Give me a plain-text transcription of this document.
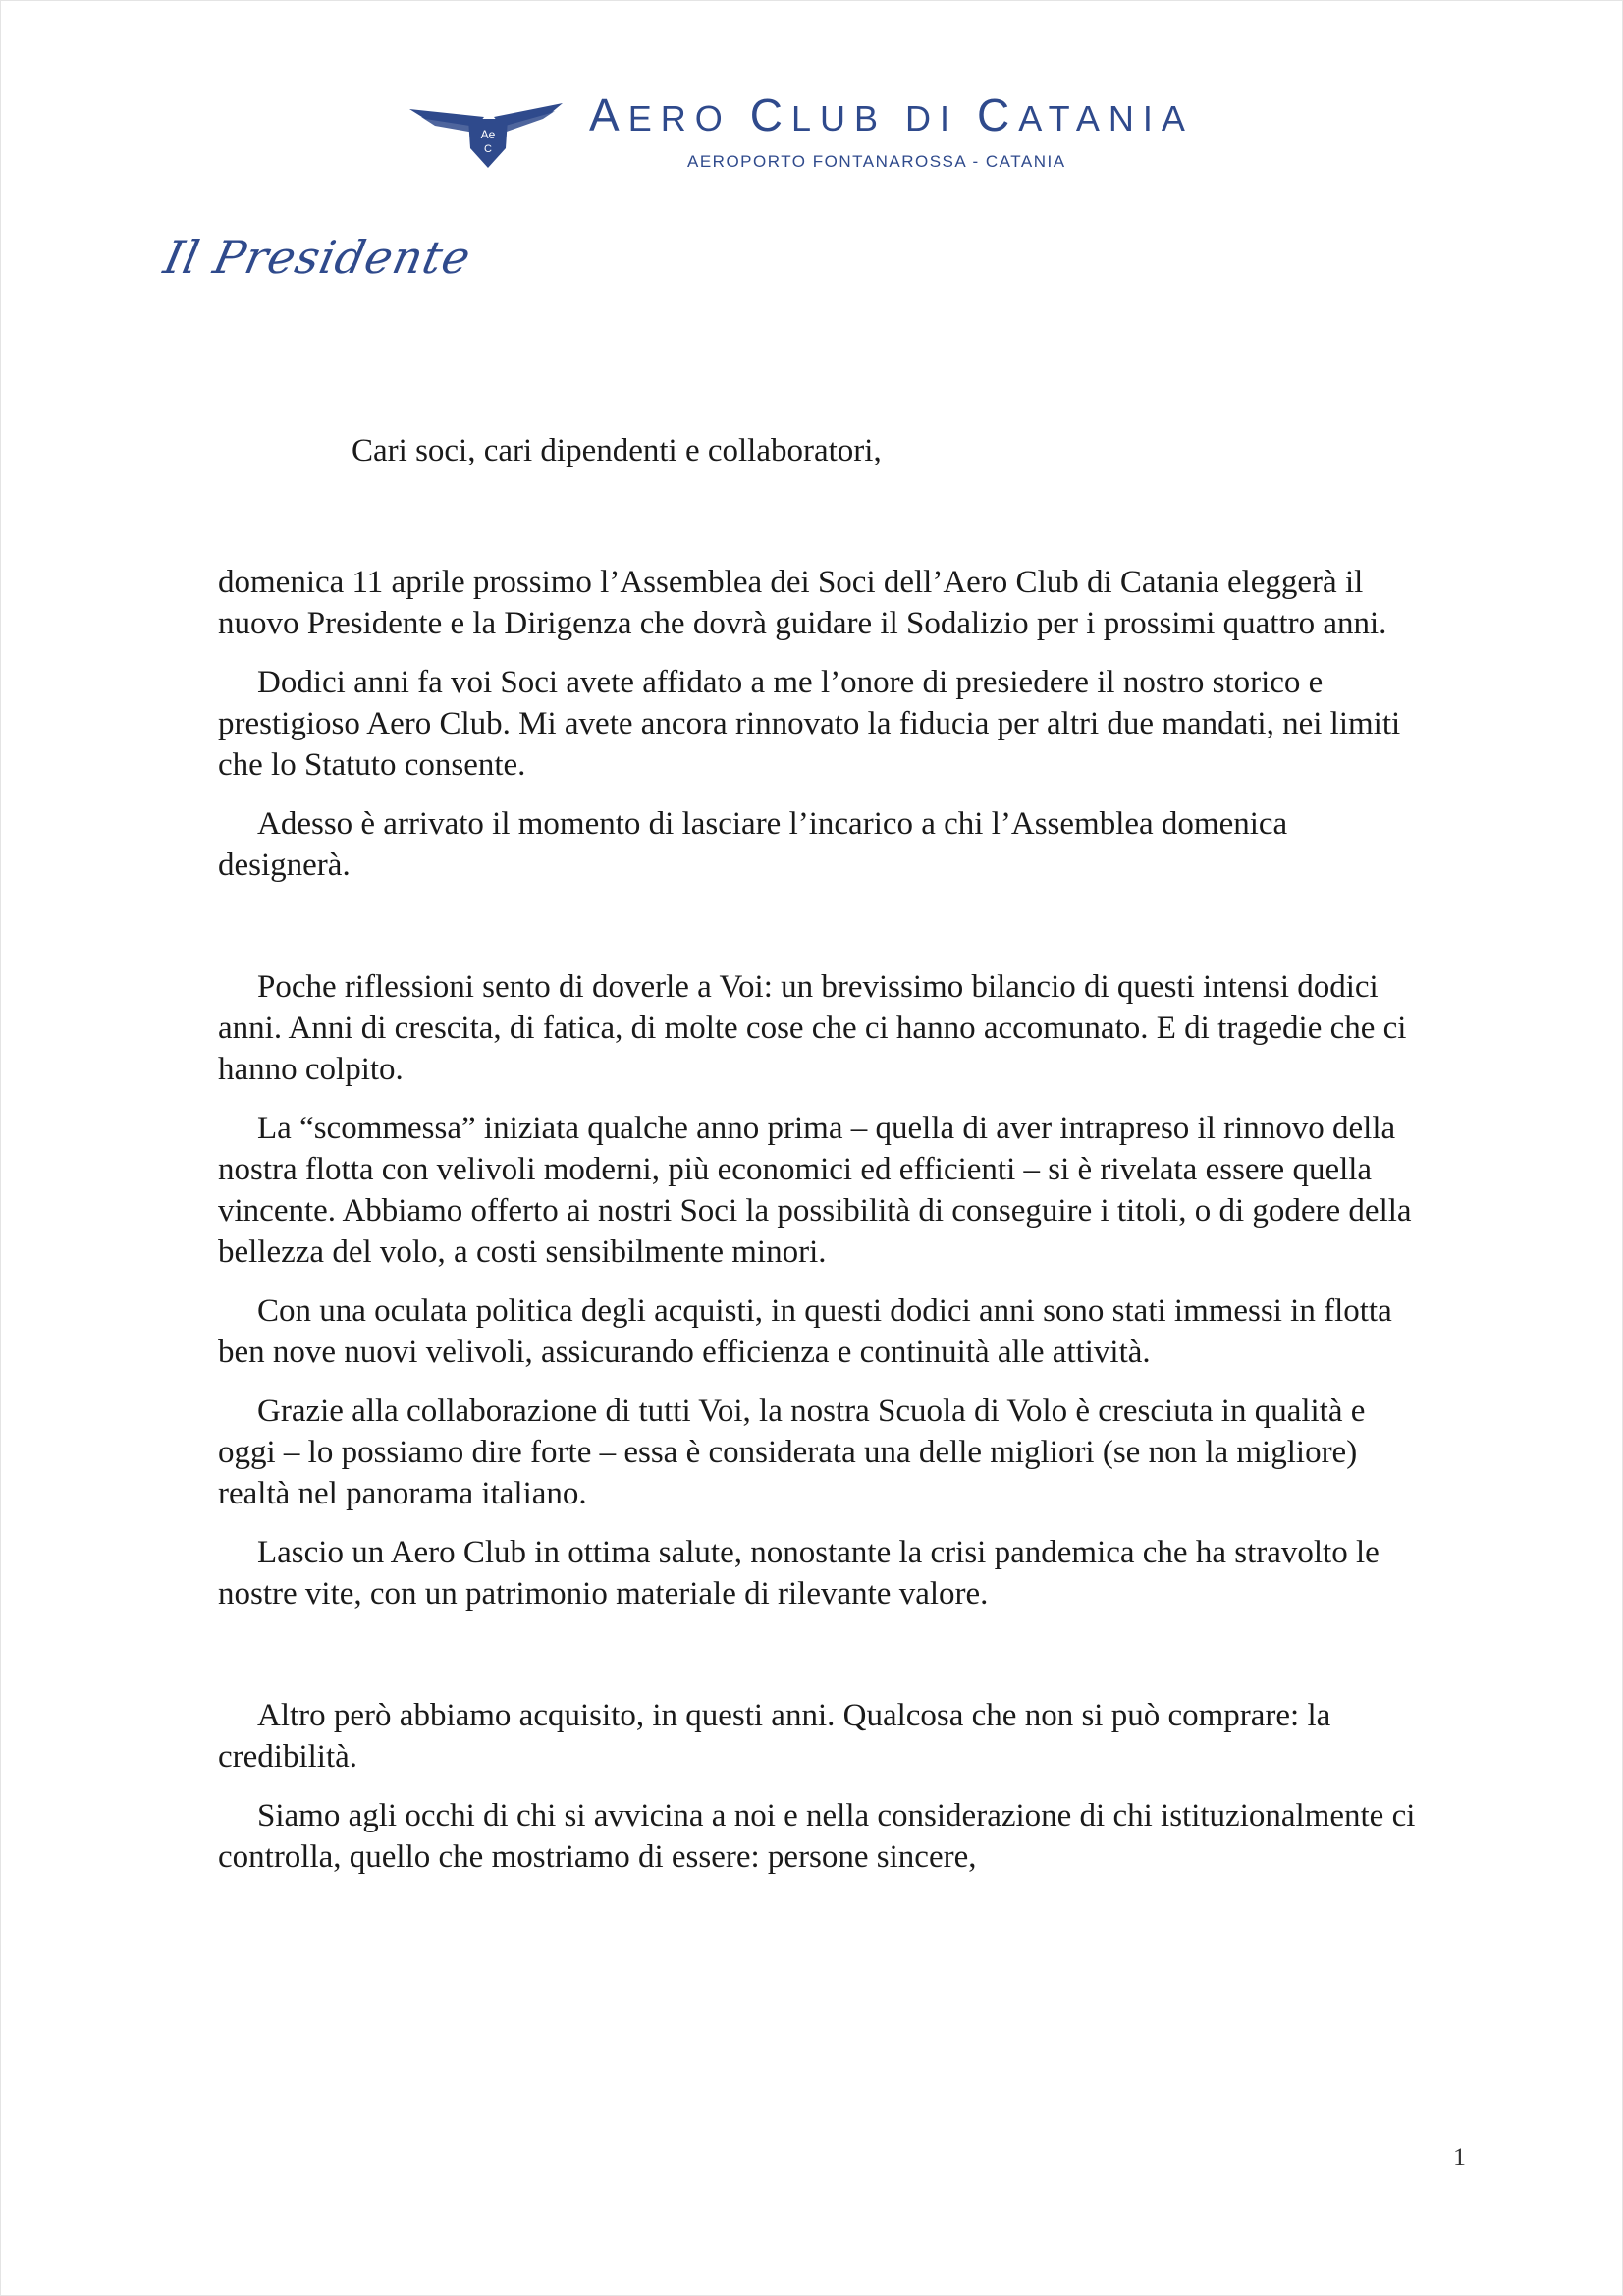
Ae
C
AERO CLUB DI CATANIA
AEROPORTO FONTANAROSSA - CATANIA
Il Presidente
Cari soci, cari dipendenti e collaboratori,

domenica 11 aprile prossimo l’Assemblea dei Soci dell’Aero Club di Catania eleggerà il nuovo Presidente e la Dirigenza che dovrà guidare il Sodalizio per i prossimi quattro anni.

Dodici anni fa voi Soci avete affidato a me l’onore di presiedere il nostro storico e prestigioso Aero Club. Mi avete ancora rinnovato la fiducia per altri due mandati, nei limiti che lo Statuto consente.

Adesso è arrivato il momento di lasciare l’incarico a chi l’Assemblea domenica designerà.

Poche riflessioni sento di doverle a Voi: un brevissimo bilancio di questi intensi dodici anni. Anni di crescita, di fatica, di molte cose che ci hanno accomunato. E di tragedie che ci hanno colpito.

La “scommessa” iniziata qualche anno prima – quella di aver intrapreso il rinnovo della nostra flotta con velivoli moderni, più economici ed efficienti – si è rivelata essere quella vincente. Abbiamo offerto ai nostri Soci la possibilità di conseguire i titoli, o di godere della bellezza del volo, a costi sensibilmente minori.

Con una oculata politica degli acquisti, in questi dodici anni sono stati immessi in flotta ben nove nuovi velivoli, assicurando efficienza e continuità alle attività.

Grazie alla collaborazione di tutti Voi, la nostra Scuola di Volo è cresciuta in qualità e oggi – lo possiamo dire forte – essa è considerata una delle migliori (se non la migliore) realtà nel panorama italiano.

Lascio un Aero Club in ottima salute, nonostante la crisi pandemica che ha stravolto le nostre vite, con un patrimonio materiale di rilevante valore.

Altro però abbiamo acquisito, in questi anni. Qualcosa che non si può comprare: la credibilità.

Siamo agli occhi di chi si avvicina a noi e nella considerazione di chi istituzionalmente ci controlla, quello che mostriamo di essere: persone sincere,

1
